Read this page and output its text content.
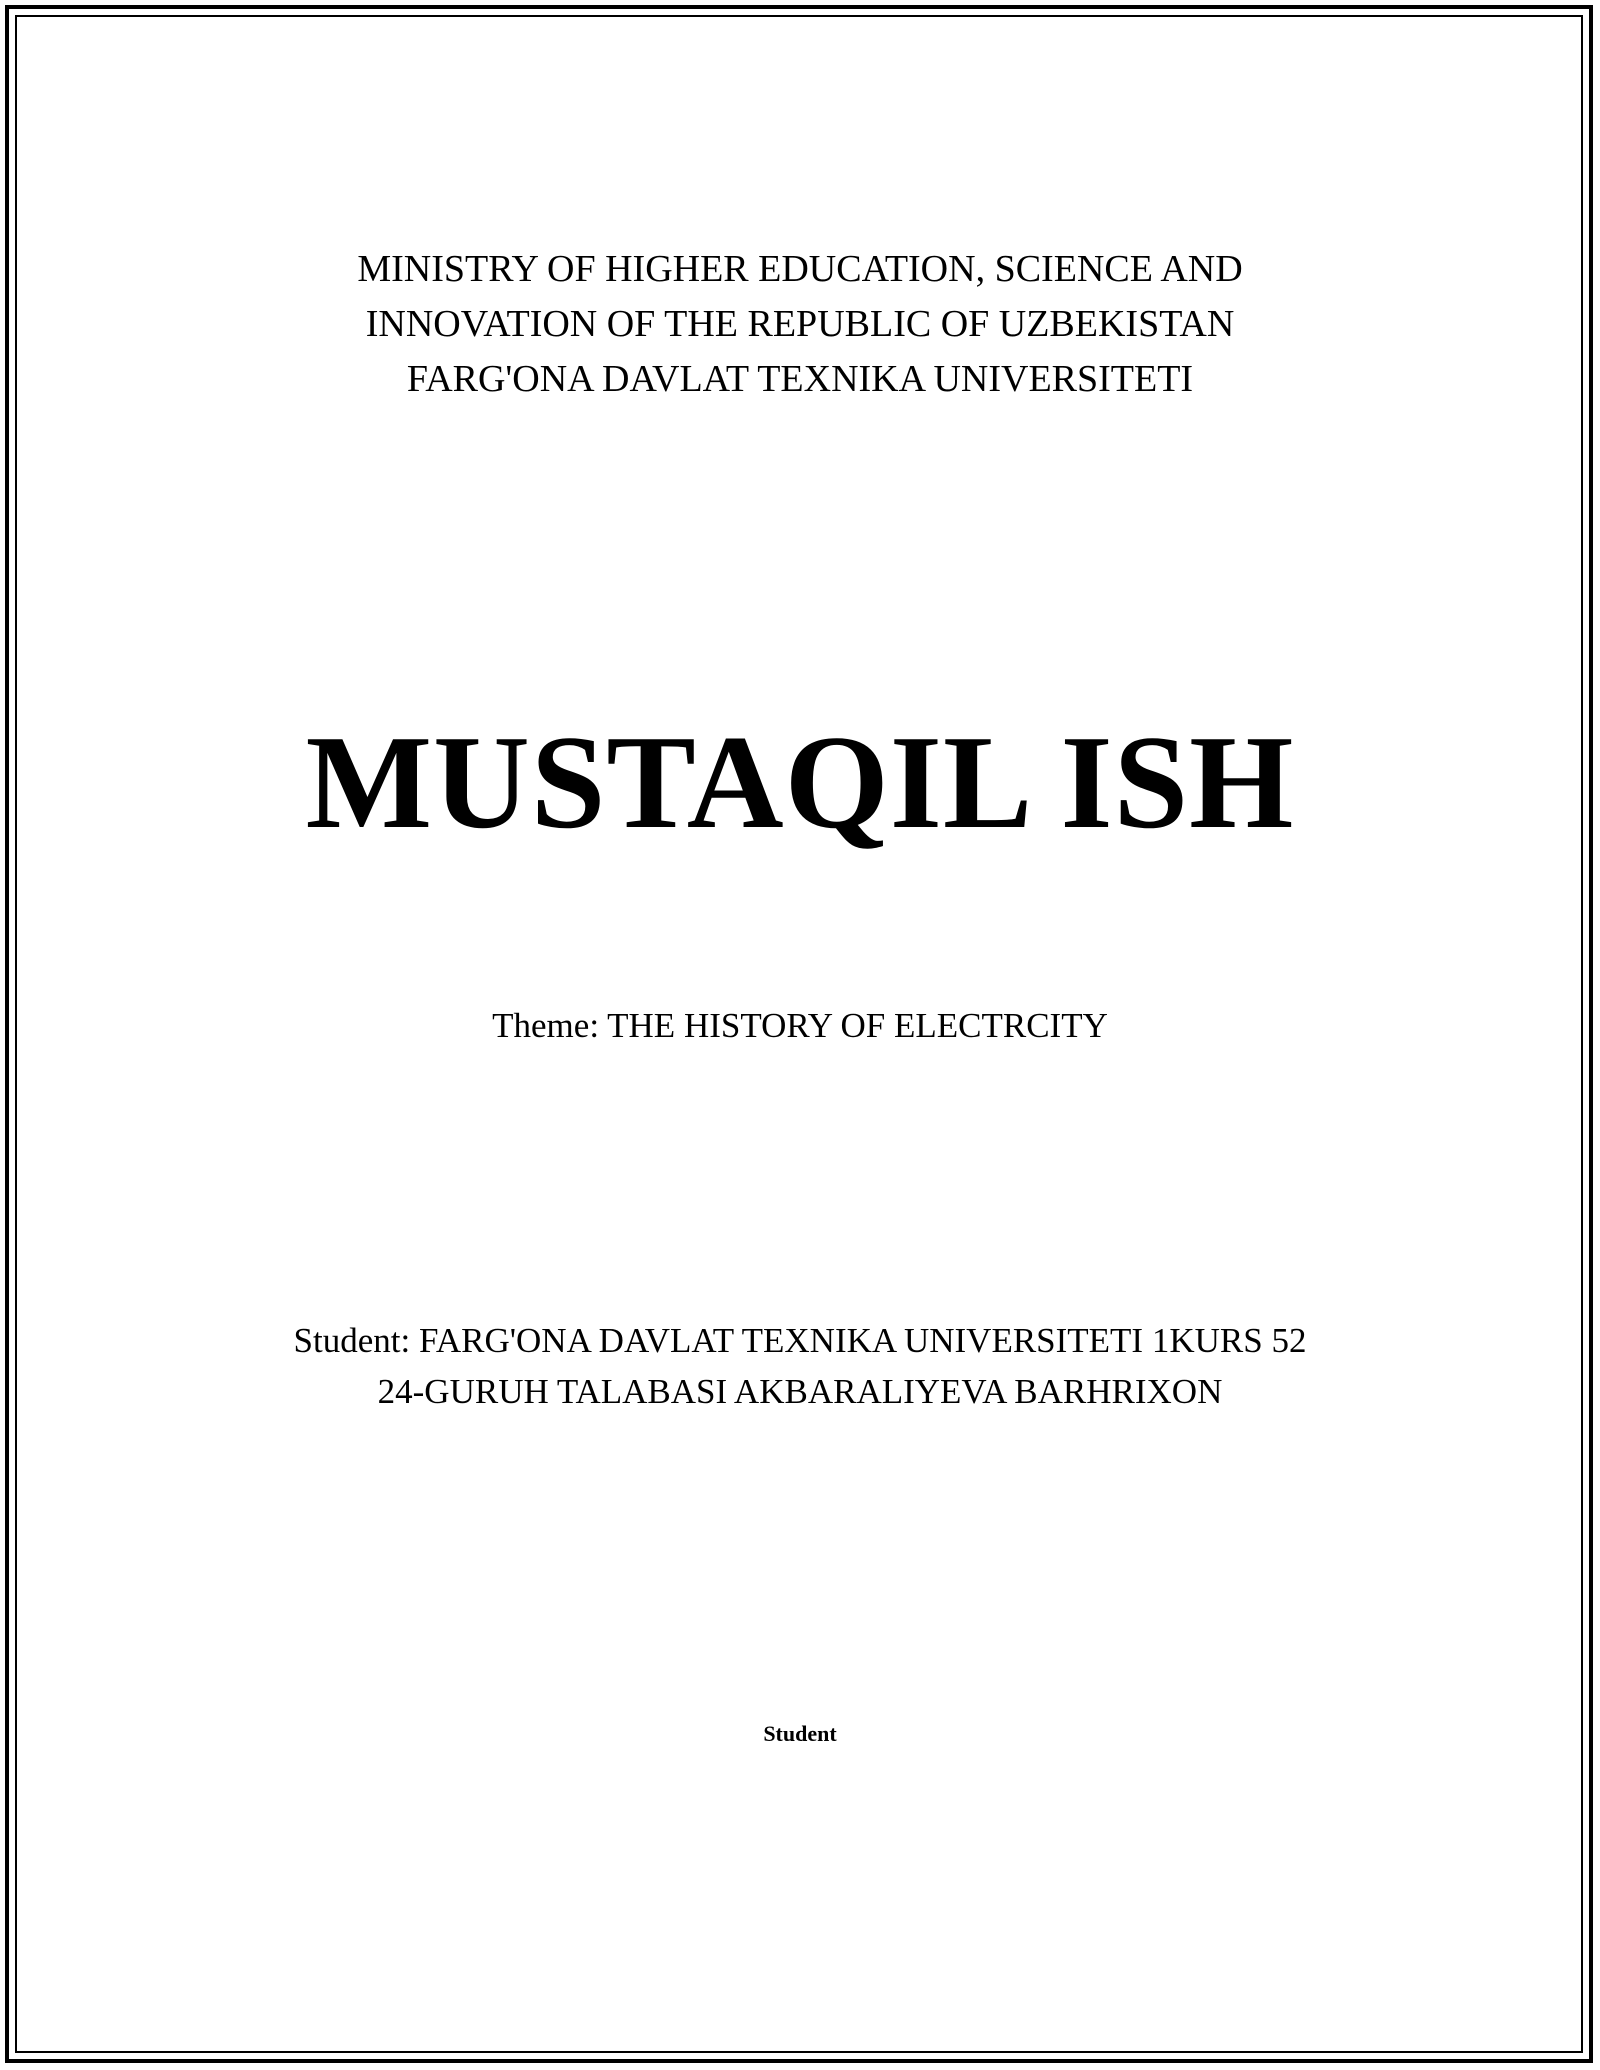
MINISTRY OF HIGHER EDUCATION, SCIENCE AND
INNOVATION OF THE REPUBLIC OF UZBEKISTAN
FARG'ONA DAVLAT TEXNIKA UNIVERSITETI
MUSTAQIL ISH
Theme: THE HISTORY OF ELECTRCITY
Student: FARG'ONA DAVLAT TEXNIKA UNIVERSITETI 1KURS 52
24-GURUH TALABASI AKBARALIYEVA BARHRIXON
Student
